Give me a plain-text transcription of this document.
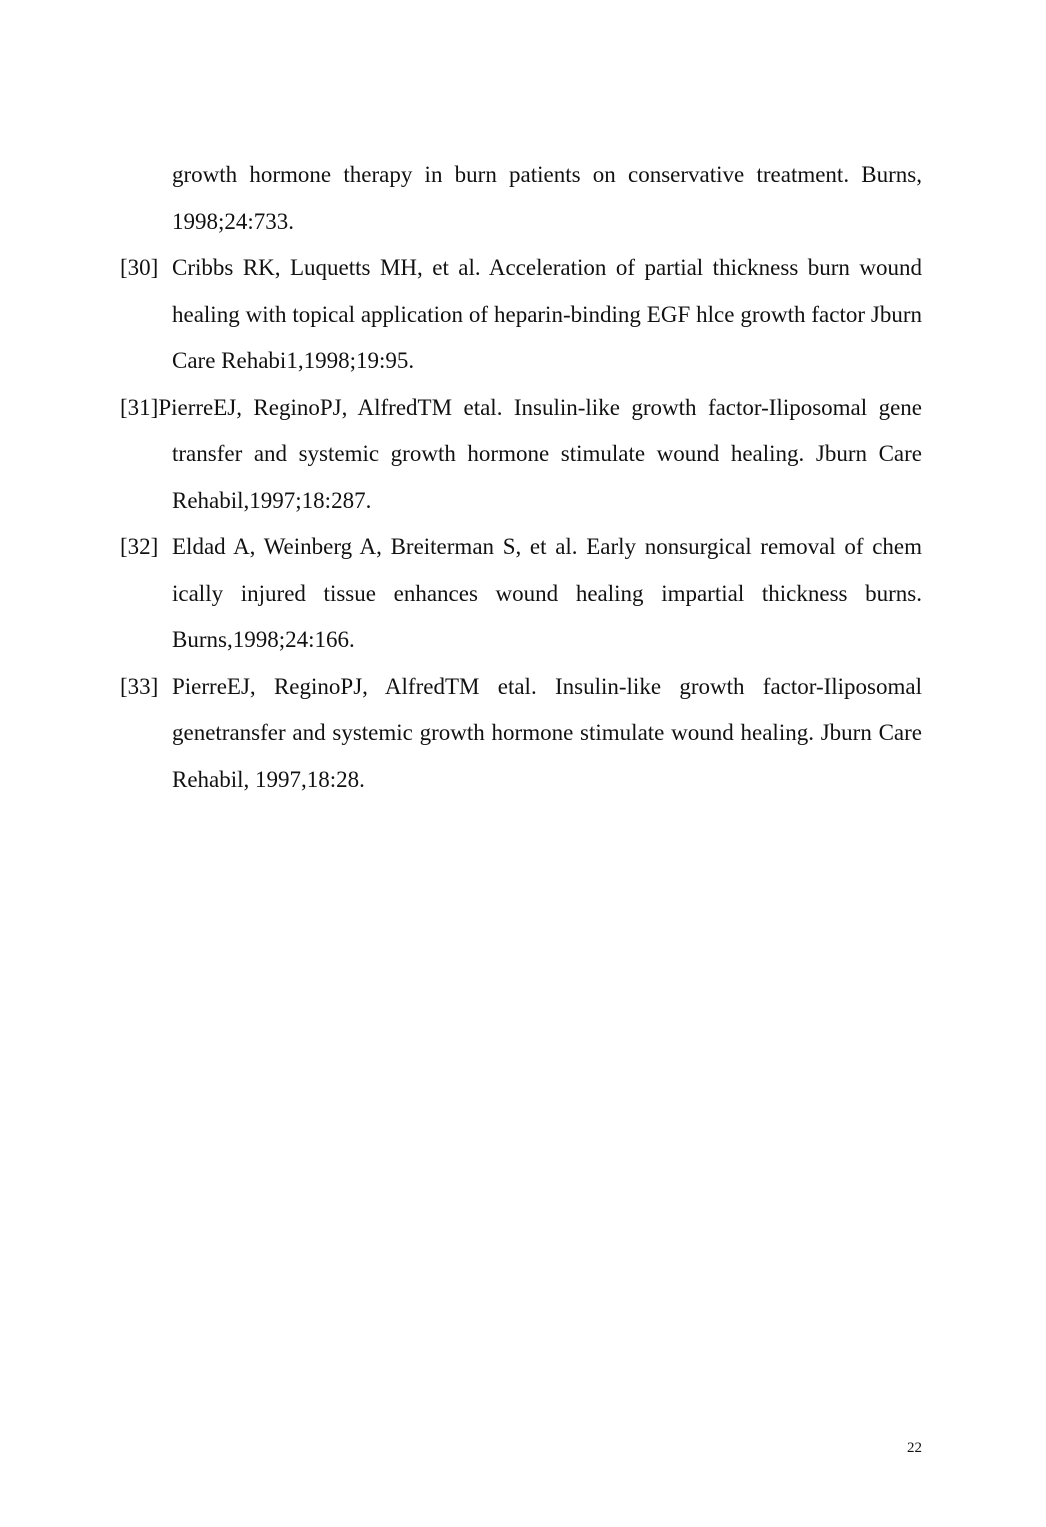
growth hormone therapy in burn patients on conservative treatment. Burns, 1998;24:733.

[30] Cribbs RK, Luquetts MH, et al. Acceleration of partial thickness burn wound healing with topical application of heparin-binding EGF hlce growth factor Jburn Care Rehabi1,1998;19:95.

[31]PierreEJ, ReginoPJ, AlfredTM etal. Insulin-like growth factor-Iliposomal gene transfer and systemic growth hormone stimulate wound healing. Jburn Care Rehabil,1997;18:287.

[32] Eldad A, Weinberg A, Breiterman S, et al. Early nonsurgical removal of chem ically injured tissue enhances wound healing impartial thickness burns. Burns,1998;24:166.

[33] PierreEJ, ReginoPJ, AlfredTM etal. Insulin-like growth factor-Iliposomal genetransfer and systemic growth hormone stimulate wound healing. Jburn Care Rehabil, 1997,18:28.

22
